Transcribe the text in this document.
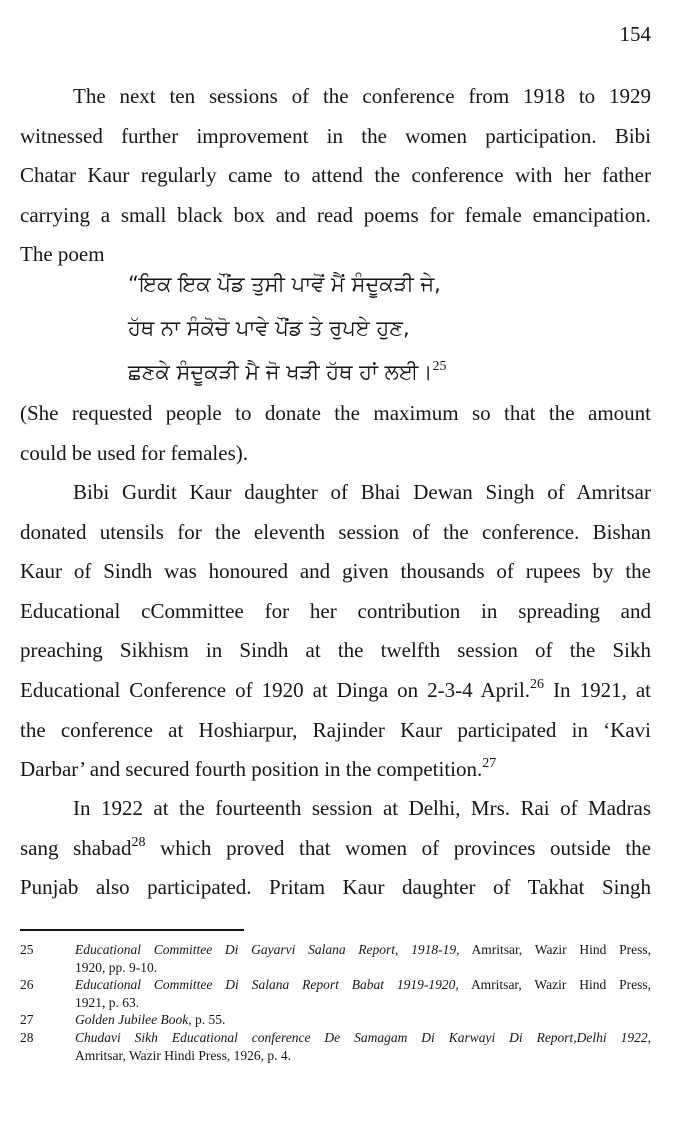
154
The next ten sessions of the conference from 1918 to 1929
witnessed further improvement in the women participation. Bibi
Chatar Kaur regularly came to attend the conference with her father
carrying a small black box and read poems for female emancipation.
The poem
“ਇਕ ਇਕ ਪੌਂਡ ਤੁਸੀ ਪਾਵੋਂ ਮੈਂ ਸੰਦੂਕੜੀ ਜੇ,
ਹੱਥ ਨਾ ਸੰਕੋਚੋ ਪਾਵੇ ਪੌਂਡ ਤੇ ਰੁਪਏ ਹੁਣ,
ਛਣਕੇ ਸੰਦੂਕੜੀ ਮੈ ਜੋ ਖੜੀ ਹੱਥ ਹਾਂ ਲਈ।$^{25}$
(She requested people to donate the maximum so that the amount
could be used for females).
Bibi Gurdit Kaur daughter of Bhai Dewan Singh of Amritsar
donated utensils for the eleventh session of the conference. Bishan
Kaur of Sindh was honoured and given thousands of rupees by the
Educational cCommittee for her contribution in spreading and
preaching Sikhism in Sindh at the twelfth session of the Sikh
Educational Conference of 1920 at Dinga on 2-3-4 April.$^{26}$ In 1921, at
the conference at Hoshiarpur, Rajinder Kaur participated in ‘Kavi
Darbar’ and secured fourth position in the competition.$^{27}$
In 1922 at the fourteenth session at Delhi, Mrs. Rai of Madras
sang shabad$^{28}$ which proved that women of provinces outside the
Punjab also participated. Pritam Kaur daughter of Takhat Singh
25	Educational Committee Di Gayarvi Salana Report, 1918-19, Amritsar, Wazir Hind Press,
1920, pp. 9-10.
26	Educational Committee Di Salana Report Babat 1919-1920, Amritsar, Wazir Hind Press,
1921, p. 63.
27	Golden Jubilee Book, p. 55.
28	Chudavi Sikh Educational conference De Samagam Di Karwayi Di Report,Delhi 1922,
Amritsar, Wazir Hindi Press, 1926, p. 4.
